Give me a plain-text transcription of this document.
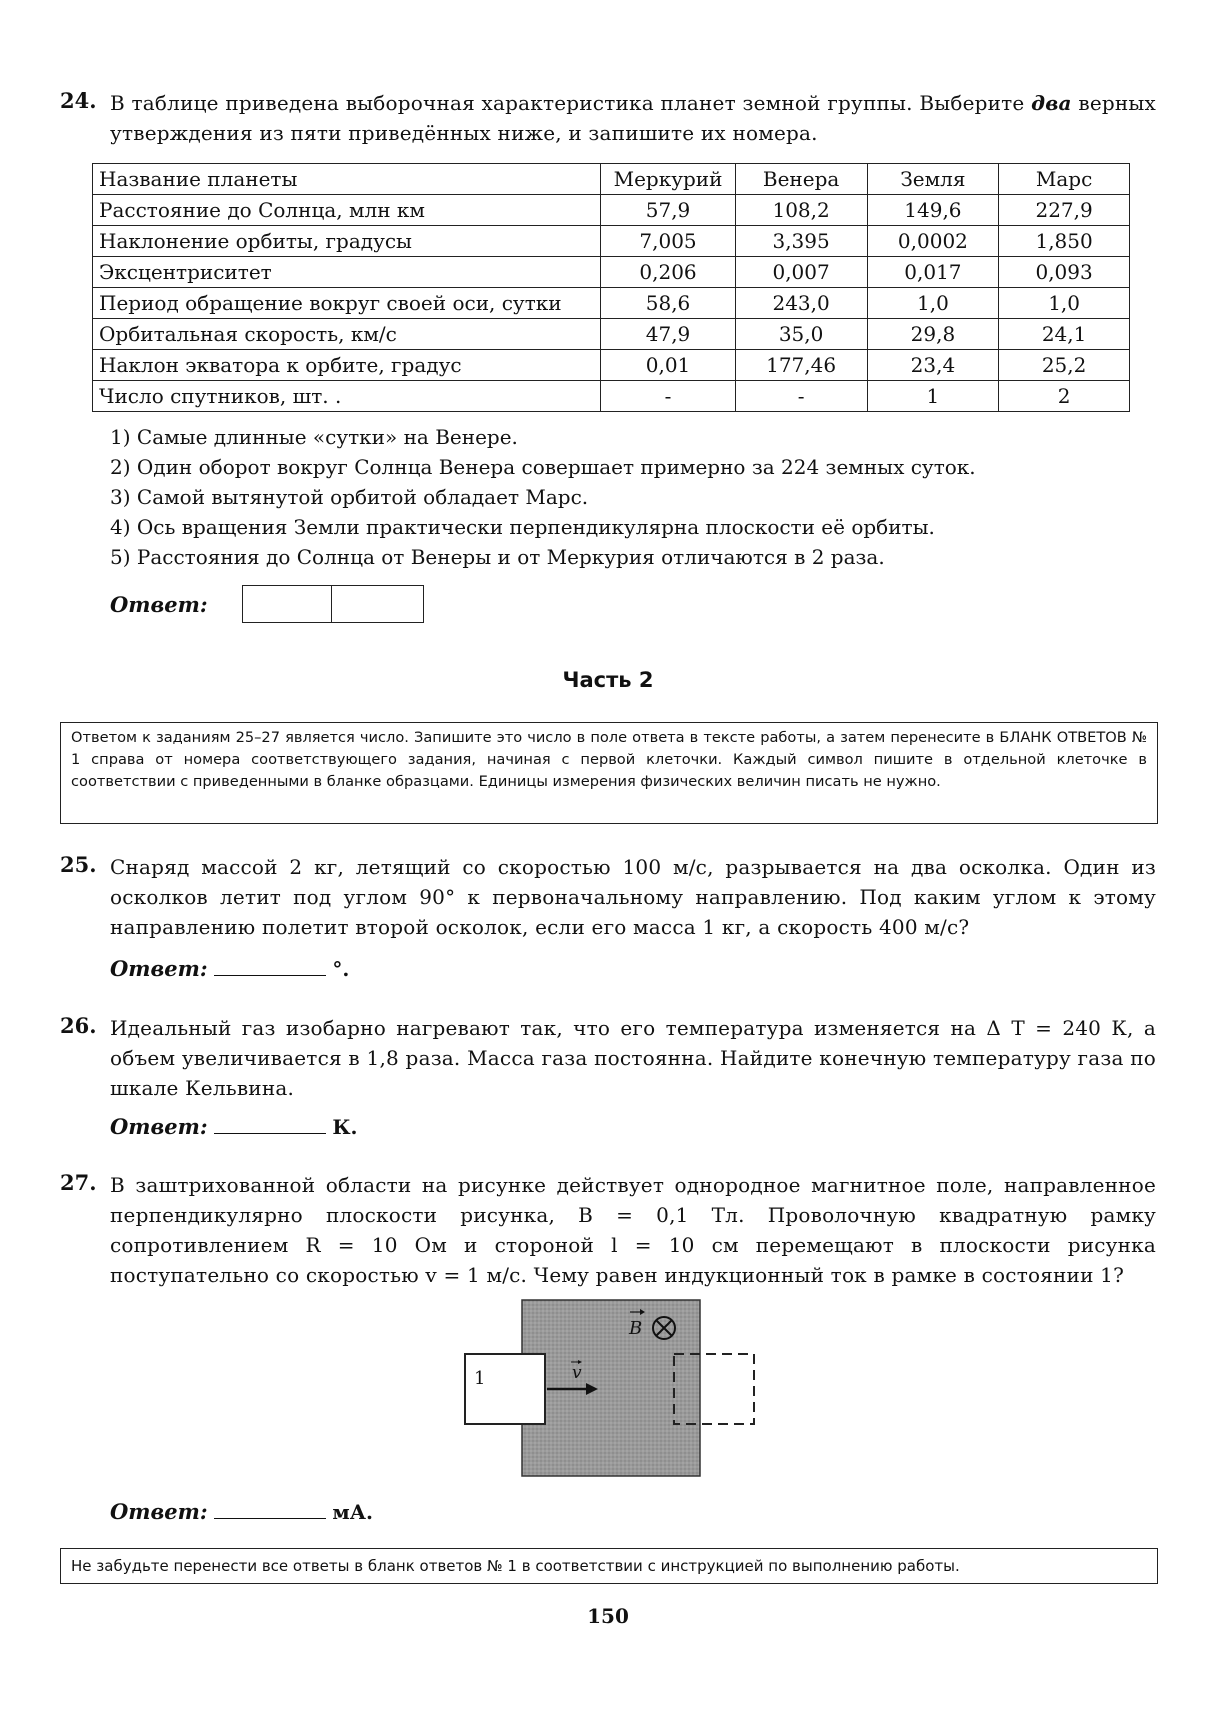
24. В таблице приведена выборочная характеристика планет земной группы. Выберите два верных утверждения из пяти приведённых ниже, и запишите их номера.
Название планеты	Меркурий	Венера	Земля	Марс
Расстояние до Солнца, млн км	57,9	108,2	149,6	227,9
Наклонение орбиты, градусы	7,005	3,395	0,0002	1,850
Эксцентриситет	0,206	0,007	0,017	0,093
Период обращение вокруг своей оси, сутки	58,6	243,0	1,0	1,0
Орбитальная скорость, км/с	47,9	35,0	29,8	24,1
Наклон экватора к орбите, градус	0,01	177,46	23,4	25,2
Число спутников, шт. .	-	-	1	2
1) Самые длинные «сутки» на Венере.
2) Один оборот вокруг Солнца Венера совершает примерно за 224 земных суток.
3) Самой вытянутой орбитой обладает Марс.
4) Ось вращения Земли практически перпендикулярна плоскости её орбиты.
5) Расстояния до Солнца от Венеры и от Меркурия отличаются в 2 раза.
Ответ:
Часть 2
Ответом к заданиям 25–27 является число. Запишите это число в поле ответа в тексте работы, а затем перенесите в БЛАНК ОТВЕТОВ № 1 справа от номера соответствующего задания, начиная с первой клеточки. Каждый символ пишите в отдельной клеточке в соответствии с приведенными в бланке образцами. Единицы измерения физических величин писать не нужно.
25. Снаряд массой 2 кг, летящий со скоростью 100 м/с, разрывается на два осколка. Один из осколков летит под углом 90° к первоначальному направлению. Под каким углом к этому направлению полетит второй осколок, если его масса 1 кг, а скорость 400 м/с?
Ответ:	°.
26. Идеальный газ изобарно нагревают так, что его температура изменяется на Δ T = 240 К, а объем увеличивается в 1,8 раза. Масса газа постоянна. Найдите конечную температуру газа по шкале Кельвина.
Ответ:	К.
27. В заштрихованной области на рисунке действует однородное магнитное поле, направленное перпендикулярно плоскости рисунка, B = 0,1 Тл. Проволочную квадратную рамку сопротивлением R = 10 Ом и стороной l = 10 см перемещают в плоскости рисунка поступательно со скоростью v = 1 м/с. Чему равен индукционный ток в рамке в состоянии 1?
1	v
B
Ответ:	мА.
Не забудьте перенести все ответы в бланк ответов № 1 в соответствии с инструкцией по выполнению работы.
150
